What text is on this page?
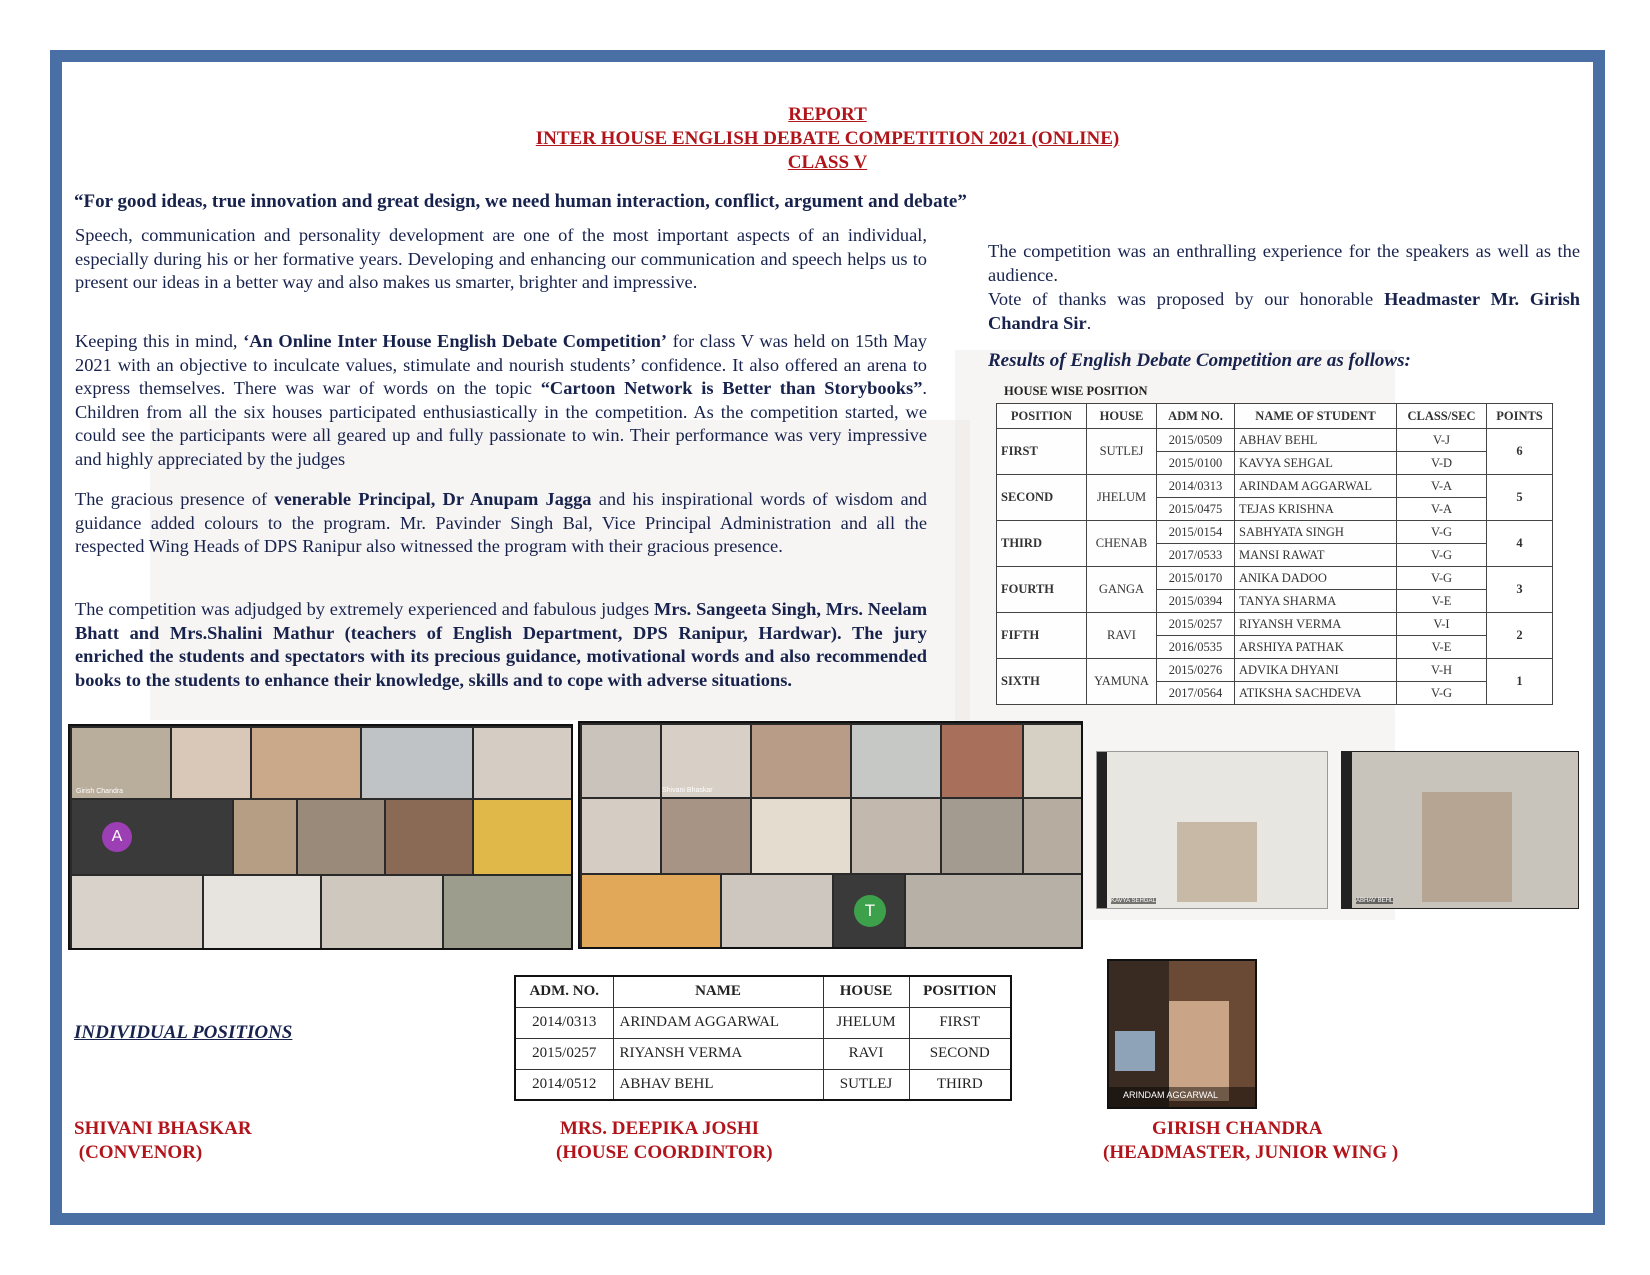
REPORT
INTER HOUSE ENGLISH DEBATE COMPETITION 2021 (ONLINE)
CLASS V
“For good ideas, true innovation and great design, we need human interaction, conflict, argument and debate”
Speech, communication and personality development are one of the most important aspects of an individual, especially during his or her formative years. Developing and enhancing our communication and speech helps us to present our ideas in a better way and also makes us smarter, brighter and impressive.
Keeping this in mind, ‘An Online Inter House English Debate Competition’ for class V was held on 15th May 2021 with an objective to inculcate values, stimulate and nourish students’ confidence. It also offered an arena to express themselves. There was war of words on the topic “Cartoon Network is Better than Storybooks”. Children from all the six houses participated enthusiastically in the competition. As the competition started, we could see the participants were all geared up and fully passionate to win. Their performance was very impressive and highly appreciated by the judges
The gracious presence of venerable Principal, Dr Anupam Jagga and his inspirational words of wisdom and guidance added colours to the program. Mr. Pavinder Singh Bal, Vice Principal Administration and all the respected Wing Heads of DPS Ranipur also witnessed the program with their gracious presence.
The competition was adjudged by extremely experienced and fabulous judges Mrs. Sangeeta Singh, Mrs. Neelam Bhatt and Mrs.Shalini Mathur (teachers of English Department, DPS Ranipur, Hardwar). The jury enriched the students and spectators with its precious guidance, motivational words and also recommended books to the students to enhance their knowledge, skills and to cope with adverse situations.
The competition was an enthralling experience for the speakers as well as the audience.
Vote of thanks was proposed by our honorable Headmaster Mr. Girish Chandra Sir.
Results of English Debate Competition are as follows:
HOUSE WISE POSITION
POSITION	HOUSE	ADM NO.	NAME OF STUDENT	CLASS/SEC	POINTS
FIRST	SUTLEJ	2015/0509	ABHAV BEHL	V-J	6
		2015/0100	KAVYA SEHGAL	V-D	
SECOND	JHELUM	2014/0313	ARINDAM AGGARWAL	V-A	5
		2015/0475	TEJAS KRISHNA	V-A	
THIRD	CHENAB	2015/0154	SABHYATA SINGH	V-G	4
		2017/0533	MANSI RAWAT	V-G	
FOURTH	GANGA	2015/0170	ANIKA DADOO	V-G	3
		2015/0394	TANYA SHARMA	V-E	
FIFTH	RAVI	2015/0257	RIYANSH VERMA	V-I	2
		2016/0535	ARSHIYA PATHAK	V-E	
SIXTH	YAMUNA	2015/0276	ADVIKA DHYANI	V-H	1
		2017/0564	ATIKSHA SACHDEVA	V-G	
Girish Chandra
A
Shivani Bhaskar
T	KAVYA SEHGAL	ABHAV BEHL
INDIVIDUAL POSITIONS
ADM. NO.	NAME	HOUSE	POSITION
2014/0313	ARINDAM AGGARWAL	JHELUM	FIRST
2015/0257	RIYANSH VERMA	RAVI	SECOND
2014/0512	ABHAV BEHL	SUTLEJ	THIRD
ARINDAM AGGARWAL
SHIVANI BHASKAR
(CONVENOR)
MRS. DEEPIKA JOSHI
(HOUSE COORDINTOR)
GIRISH CHANDRA
(HEADMASTER, JUNIOR WING )
